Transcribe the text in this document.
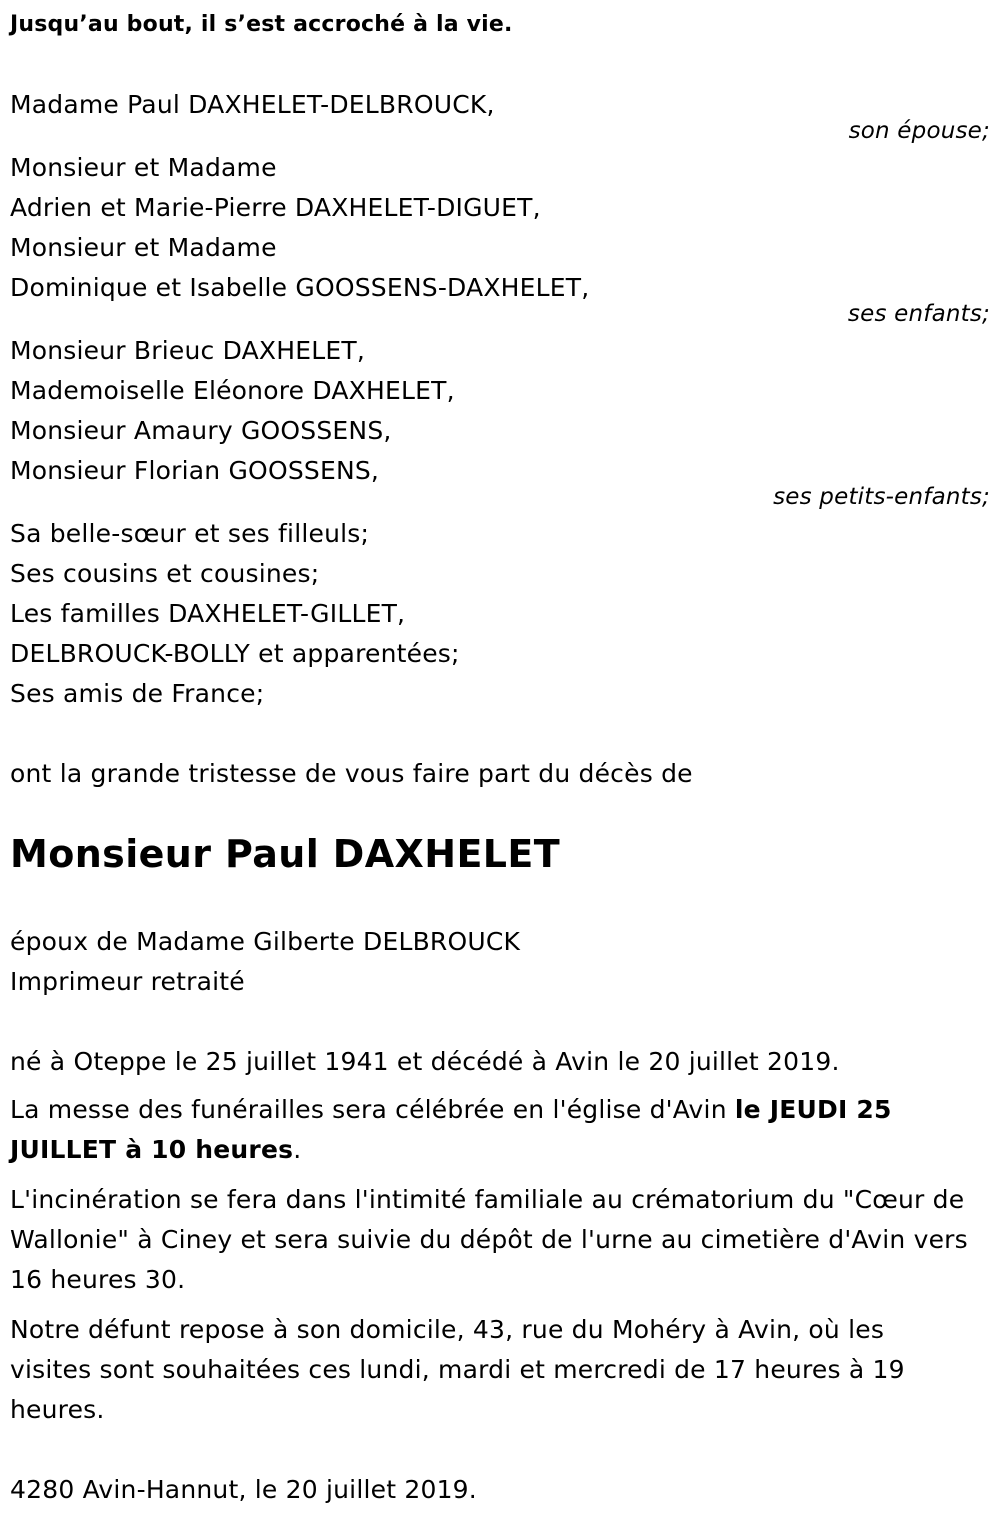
Jusqu’au bout, il s’est accroché à la vie.
Madame Paul DAXHELET-DELBROUCK,
son épouse;
Monsieur et Madame
Adrien et Marie-Pierre DAXHELET-DIGUET,
Monsieur et Madame
Dominique et Isabelle GOOSSENS-DAXHELET,
ses enfants;
Monsieur Brieuc DAXHELET,
Mademoiselle Eléonore DAXHELET,
Monsieur Amaury GOOSSENS,
Monsieur Florian GOOSSENS,
ses petits-enfants;
Sa belle-sœur et ses filleuls;
Ses cousins et cousines;
Les familles DAXHELET-GILLET,
DELBROUCK-BOLLY et apparentées;
Ses amis de France;
ont la grande tristesse de vous faire part du décès de
Monsieur Paul DAXHELET
époux de Madame Gilberte DELBROUCK
Imprimeur retraité
né à Oteppe le 25 juillet 1941 et décédé à Avin le 20 juillet 2019.
La messe des funérailles sera célébrée en l'église d'Avin le JEUDI 25 JUILLET à 10 heures.
L'incinération se fera dans l'intimité familiale au crématorium du "Cœur de Wallonie" à Ciney et sera suivie du dépôt de l'urne au cimetière d'Avin vers 16 heures 30.
Notre défunt repose à son domicile, 43, rue du Mohéry à Avin, où les visites sont souhaitées ces lundi, mardi et mercredi de 17 heures à 19 heures.
4280 Avin-Hannut, le 20 juillet 2019.
